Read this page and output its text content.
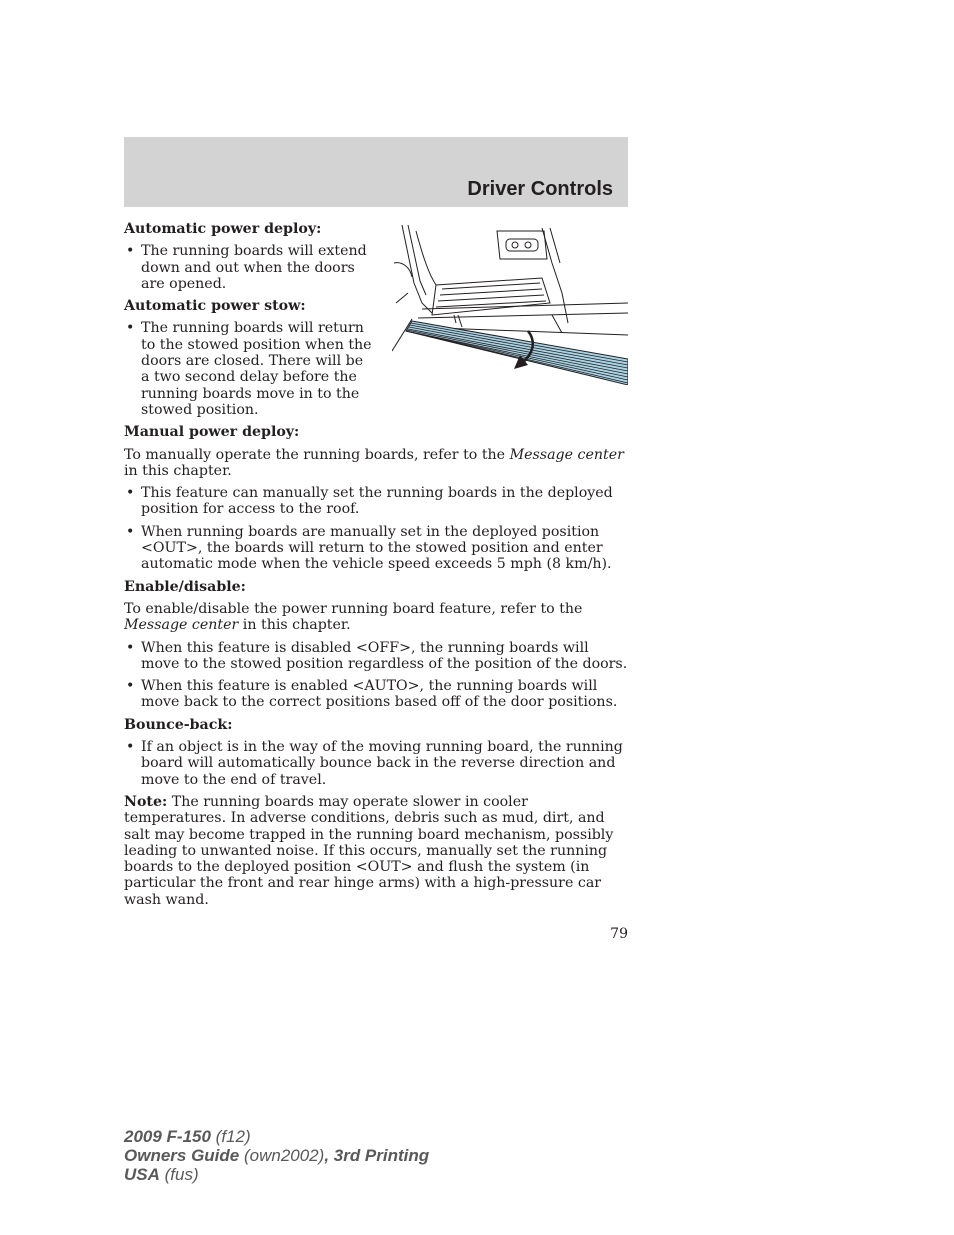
Driver Controls
Automatic power deploy:
• The running boards will extend down and out when the doors are opened.
Automatic power stow:
• The running boards will return to the stowed position when the doors are closed. There will be a two second delay before the running boards move in to the stowed position.
Manual power deploy:
To manually operate the running boards, refer to the Message center in this chapter.
• This feature can manually set the running boards in the deployed position for access to the roof.
• When running boards are manually set in the deployed position <OUT>, the boards will return to the stowed position and enter automatic mode when the vehicle speed exceeds 5 mph (8 km/h).
Enable/disable:
To enable/disable the power running board feature, refer to the Message center in this chapter.
• When this feature is disabled <OFF>, the running boards will move to the stowed position regardless of the position of the doors.
• When this feature is enabled <AUTO>, the running boards will move back to the correct positions based off of the door positions.
Bounce-back:
• If an object is in the way of the moving running board, the running board will automatically bounce back in the reverse direction and move to the end of travel.
Note: The running boards may operate slower in cooler temperatures. In adverse conditions, debris such as mud, dirt, and salt may become trapped in the running board mechanism, possibly leading to unwanted noise. If this occurs, manually set the running boards to the deployed position <OUT> and flush the system (in particular the front and rear hinge arms) with a high-pressure car wash wand.
79
2009 F-150 (f12)
Owners Guide (own2002), 3rd Printing
USA (fus)
